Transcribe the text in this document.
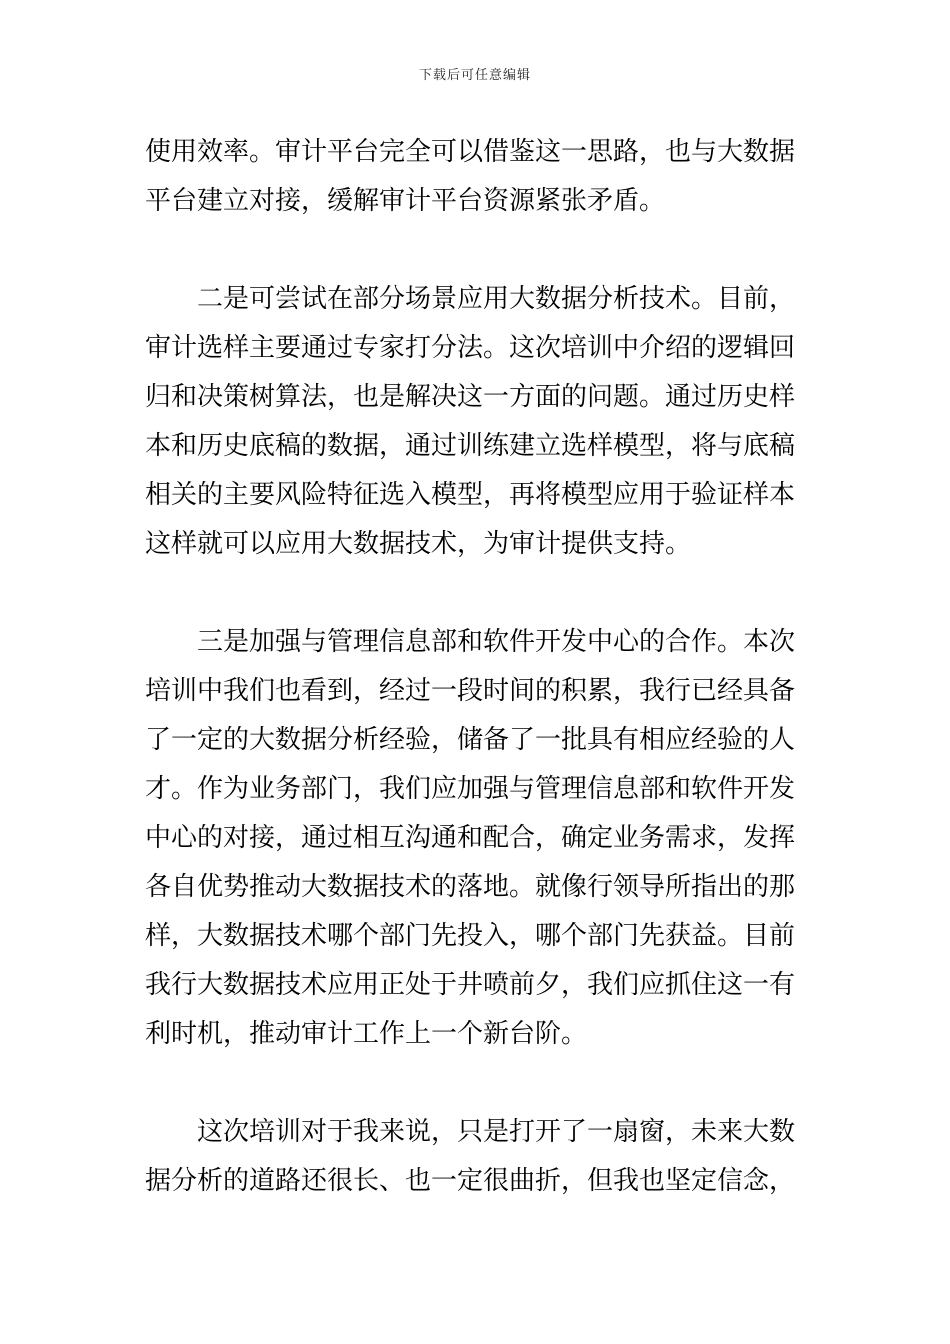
下载后可任意编辑
使用效率。审计平台完全可以借鉴这一思路，也与大数据
平台建立对接，缓解审计平台资源紧张矛盾。
二是可尝试在部分场景应用大数据分析技术。目前，
审计选样主要通过专家打分法。这次培训中介绍的逻辑回
归和决策树算法，也是解决这一方面的问题。通过历史样
本和历史底稿的数据，通过训练建立选样模型，将与底稿
相关的主要风险特征选入模型，再将模型应用于验证样本
这样就可以应用大数据技术，为审计提供支持。
三是加强与管理信息部和软件开发中心的合作。本次
培训中我们也看到，经过一段时间的积累，我行已经具备
了一定的大数据分析经验，储备了一批具有相应经验的人
才。作为业务部门，我们应加强与管理信息部和软件开发
中心的对接，通过相互沟通和配合，确定业务需求，发挥
各自优势推动大数据技术的落地。就像行领导所指出的那
样，大数据技术哪个部门先投入，哪个部门先获益。目前
我行大数据技术应用正处于井喷前夕，我们应抓住这一有
利时机，推动审计工作上一个新台阶。
这次培训对于我来说，只是打开了一扇窗，未来大数
据分析的道路还很长、也一定很曲折，但我也坚定信念，
